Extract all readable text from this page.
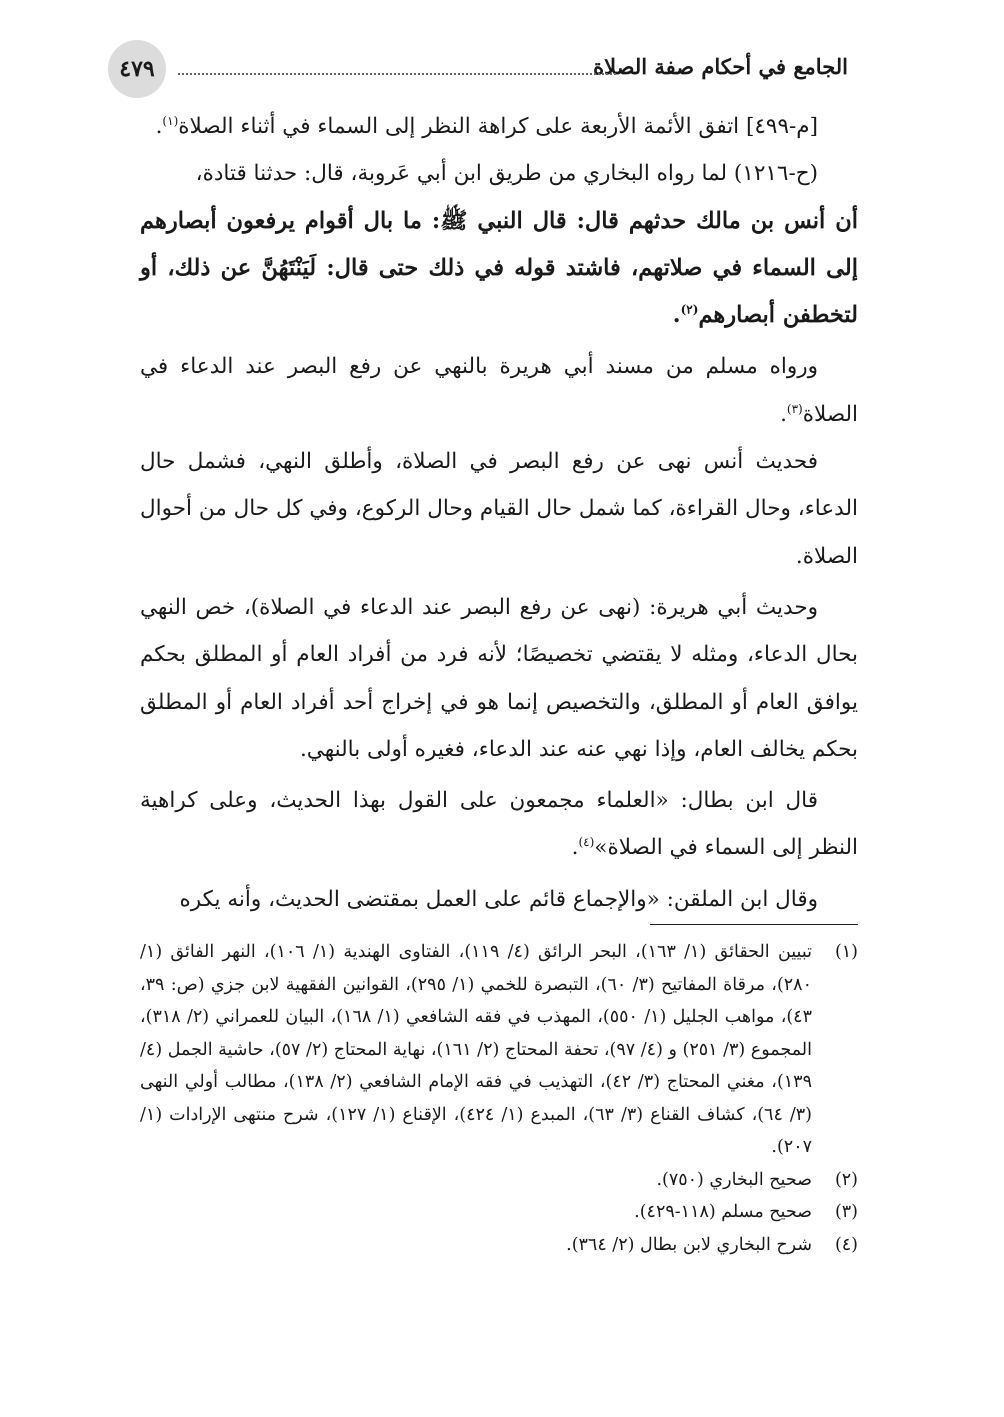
الجامع في أحكام صفة الصلاة
٤٧٩

[م-٤٩٩] اتفق الأئمة الأربعة على كراهة النظر إلى السماء في أثناء الصلاة$^{(١)}$.

(ح-١٢١٦) لما رواه البخاري من طريق ابن أبي عَروبة، قال: حدثنا قتادة،

أن أنس بن مالك حدثهم قال: قال النبي ﷺ: ما بال أقوام يرفعون أبصارهم إلى السماء في صلاتهم، فاشتد قوله في ذلك حتى قال: لَيَنْتَهُنَّ عن ذلك، أو لتخطفن أبصارهم$^{(٢)}$.

ورواه مسلم من مسند أبي هريرة بالنهي عن رفع البصر عند الدعاء في الصلاة$^{(٣)}$.

فحديث أنس نهى عن رفع البصر في الصلاة، وأطلق النهي، فشمل حال الدعاء، وحال القراءة، كما شمل حال القيام وحال الركوع، وفي كل حال من أحوال الصلاة.

وحديث أبي هريرة: (نهى عن رفع البصر عند الدعاء في الصلاة)، خص النهي بحال الدعاء، ومثله لا يقتضي تخصيصًا؛ لأنه فرد من أفراد العام أو المطلق بحكم يوافق العام أو المطلق، والتخصيص إنما هو في إخراج أحد أفراد العام أو المطلق بحكم يخالف العام، وإذا نهي عنه عند الدعاء، فغيره أولى بالنهي.

قال ابن بطال: «العلماء مجمعون على القول بهذا الحديث، وعلى كراهية النظر إلى السماء في الصلاة»$^{(٤)}$.

وقال ابن الملقن: «والإجماع قائم على العمل بمقتضى الحديث، وأنه يكره

(١)
تبيين الحقائق (١/ ١٦٣)، البحر الرائق (٤/ ١١٩)، الفتاوى الهندية (١/ ١٠٦)، النهر الفائق (١/ ٢٨٠)، مرقاة المفاتيح (٣/ ٦٠)، التبصرة للخمي (١/ ٢٩٥)، القوانين الفقهية لابن جزي (ص: ٣٩، ٤٣)، مواهب الجليل (١/ ٥٥٠)، المهذب في فقه الشافعي (١/ ١٦٨)، البيان للعمراني (٢/ ٣١٨)، المجموع (٣/ ٢٥١) و (٤/ ٩٧)، تحفة المحتاج (٢/ ١٦١)، نهاية المحتاج (٢/ ٥٧)، حاشية الجمل (٤/ ١٣٩)، مغني المحتاج (٣/ ٤٢)، التهذيب في فقه الإمام الشافعي (٢/ ١٣٨)، مطالب أولي النهى (٣/ ٦٤)، كشاف القناع (٣/ ٦٣)، المبدع (١/ ٤٢٤)، الإقناع (١/ ١٢٧)، شرح منتهى الإرادات (١/ ٢٠٧).
(٢)
صحيح البخاري (٧٥٠).
(٣)
صحيح مسلم (١١٨-٤٢٩).
(٤)
شرح البخاري لابن بطال (٢/ ٣٦٤).
